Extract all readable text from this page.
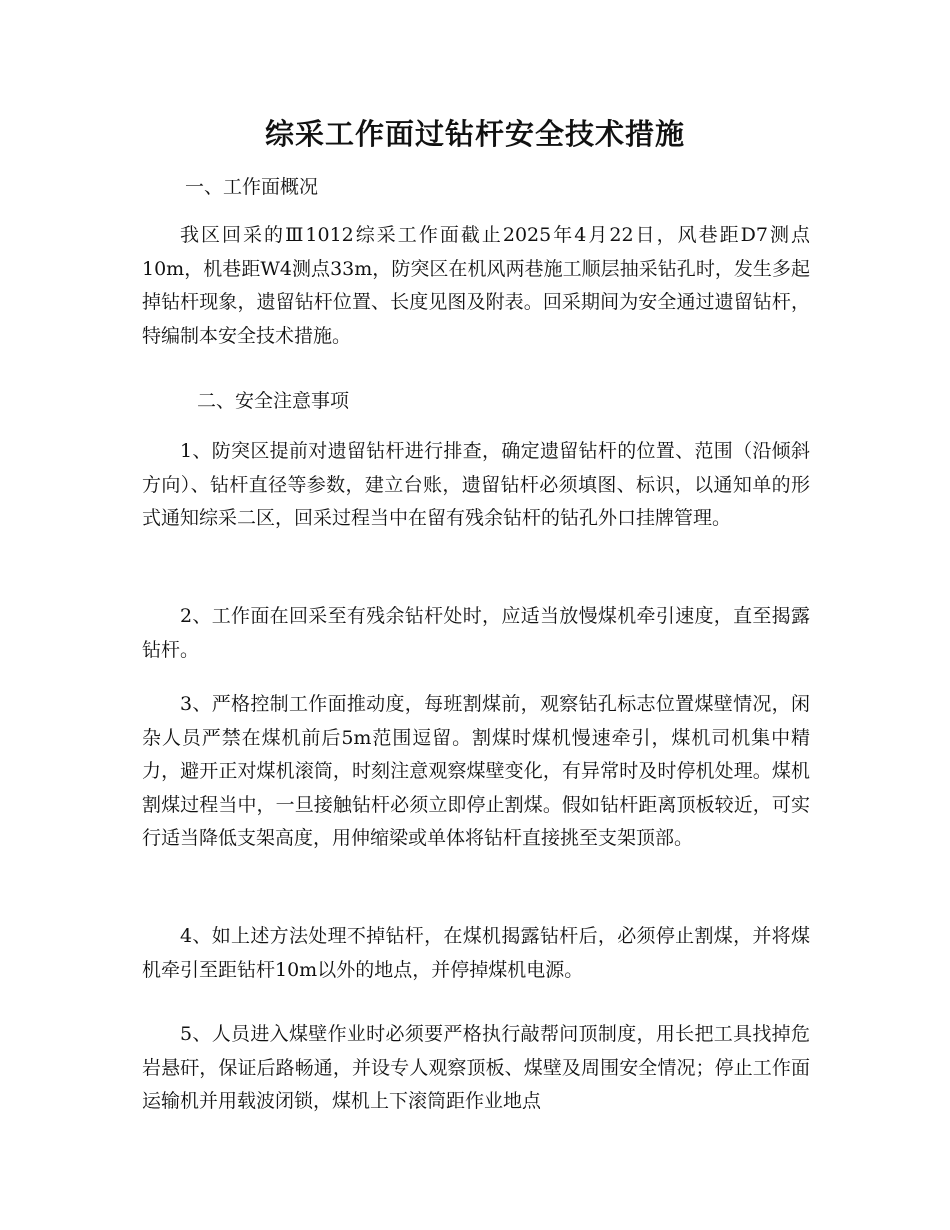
综采工作面过钻杆安全技术措施

一、工作面概况

我区回采的Ⅲ1012综采工作面截止2025年4月22日，风巷距D7测点10m，机巷距W4测点33m，防突区在机风两巷施工顺层抽采钻孔时，发生多起掉钻杆现象，遗留钻杆位置、长度见图及附表。回采期间为安全通过遗留钻杆，特编制本安全技术措施。

二、安全注意事项

1、防突区提前对遗留钻杆进行排查，确定遗留钻杆的位置、范围（沿倾斜方向）、钻杆直径等参数，建立台账，遗留钻杆必须填图、标识，以通知单的形式通知综采二区，回采过程当中在留有残余钻杆的钻孔外口挂牌管理。

2、工作面在回采至有残余钻杆处时，应适当放慢煤机牵引速度，直至揭露钻杆。

3、严格控制工作面推动度，每班割煤前，观察钻孔标志位置煤壁情况，闲杂人员严禁在煤机前后5m范围逗留。割煤时煤机慢速牵引，煤机司机集中精力，避开正对煤机滚筒，时刻注意观察煤壁变化，有异常时及时停机处理。煤机割煤过程当中，一旦接触钻杆必须立即停止割煤。假如钻杆距离顶板较近，可实行适当降低支架高度，用伸缩梁或单体将钻杆直接挑至支架顶部。

4、如上述方法处理不掉钻杆，在煤机揭露钻杆后，必须停止割煤，并将煤机牵引至距钻杆10m以外的地点，并停掉煤机电源。

5、人员进入煤壁作业时必须要严格执行敲帮问顶制度，用长把工具找掉危岩悬矸，保证后路畅通，并设专人观察顶板、煤壁及周围安全情况；停止工作面运输机并用载波闭锁，煤机上下滚筒距作业地点
